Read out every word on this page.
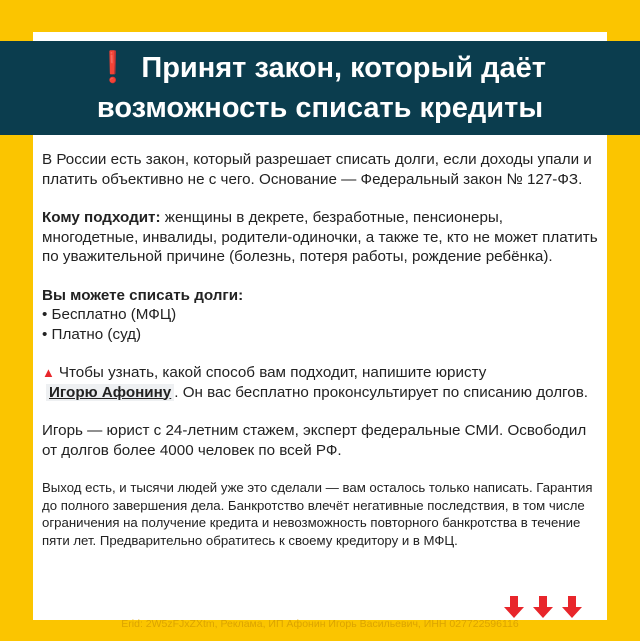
❗ Принят закон, который даёт
возможность списать кредиты

В России есть закон, который разрешает списать долги, если доходы упали и платить объективно не с чего. Основание — Федеральный закон № 127-ФЗ.

Кому подходит: женщины в декрете, безработные, пенсионеры, многодетные, инвалиды, родители-одиночки, а также те, кто не может платить по уважительной причине (болезнь, потеря работы, рождение ребёнка).

Вы можете списать долги:
• Бесплатно (МФЦ)
• Платно (суд)

▲ Чтобы узнать, какой способ вам подходит, напишите юристу
Игорю Афонину . Он вас бесплатно проконсультирует по списанию долгов.

Игорь — юрист с 24-летним стажем, эксперт федеральные СМИ. Освободил от долгов более 4000 человек по всей РФ.

Выход есть, и тысячи людей уже это сделали — вам осталось только написать. Гарантия до полного завершения дела. Банкротство влечёт негативные последствия, в том числе ограничения на получение кредита и невозможность повторного банкротства в течение пяти лет. Предварительно обратитесь к своему кредитору и в МФЦ.

Erid: 2W5zFJxZXtm, Реклама, ИП Афонин Игорь Васильевич, ИНН 027722596116
